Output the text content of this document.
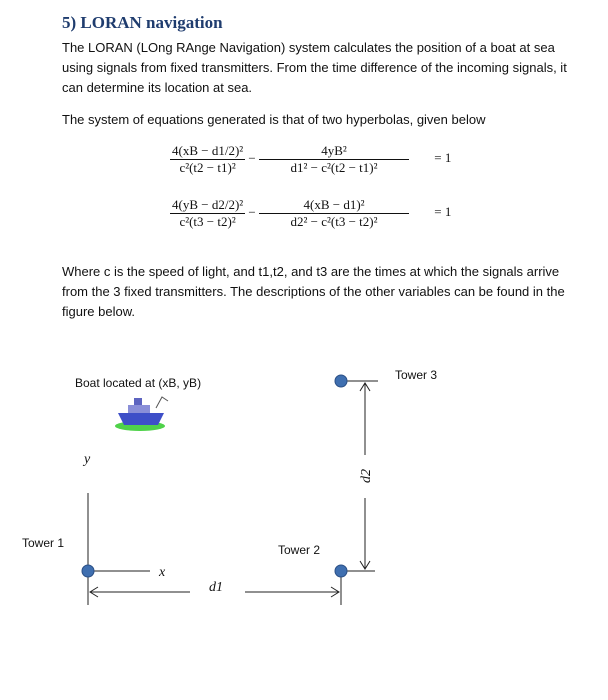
5) LORAN navigation
The LORAN (LOng RAnge Navigation) system calculates the position of a boat at sea using signals from fixed transmitters. From the time difference of the incoming signals, it can determine its location at sea.
The system of equations generated is that of two hyperbolas, given below
$\frac{\text{4(xB − d1/2)²}}{\text{c²(t2 − t1)²}} - \frac{\text{4yB²}}{\text{d1² − c²(t2 − t1)²}} = 1$
$\frac{\text{4(yB − d2/2)²}}{\text{c²(t3 − t2)²}} - \frac{\text{4(xB − d1)²}}{\text{d2² − c²(t3 − t2)²}} = 1$
Where c is the speed of light, and t1,t2, and t3 are the times at which the signals arrive from the 3 fixed transmitters. The descriptions of the other variables can be found in the figure below.
Boat located at (xB, yB)
Tower 3
Tower 1	Tower 2
y
x
d1
d2
